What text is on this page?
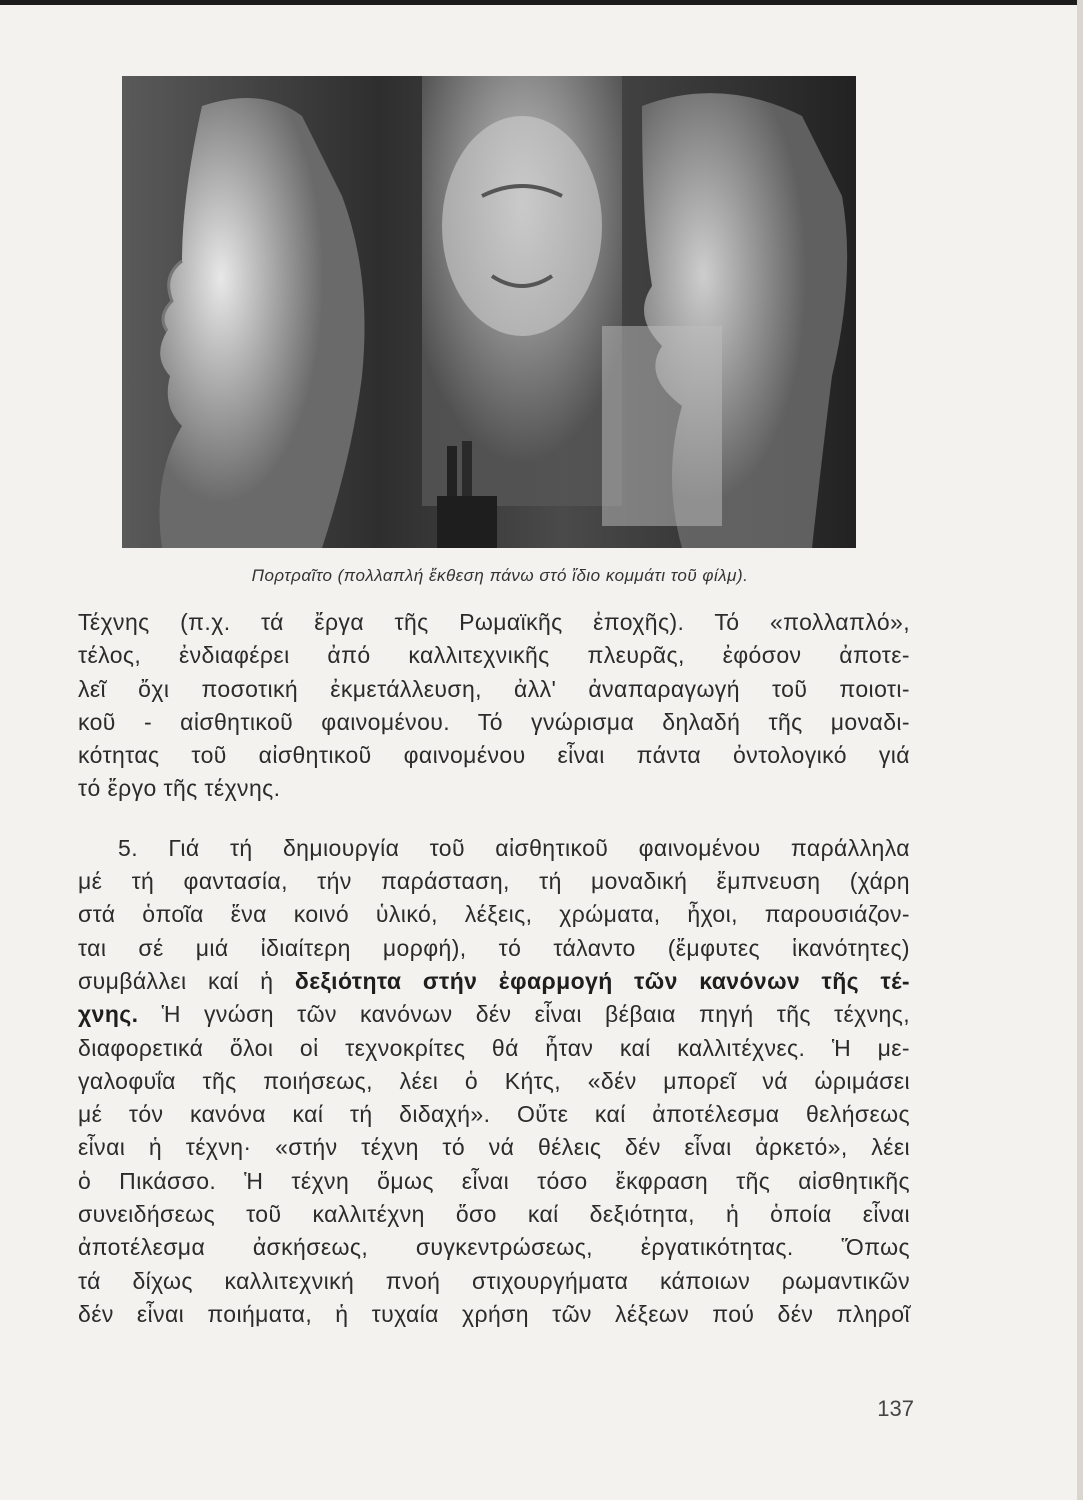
Πορτραῖτο (πολλαπλή ἔκθεση πάνω στό ἴδιο κομμάτι τοῦ φίλμ).
Τέχνης (π.χ. τά ἔργα τῆς Ρωμαϊκῆς ἐποχῆς). Τό «πολλαπλό»,
τέλος, ἐνδιαφέρει ἀπό καλλιτεχνικῆς πλευρᾶς, ἐφόσον ἀποτε-
λεῖ ὄχι ποσοτική ἐκμετάλλευση, ἀλλ' ἀναπαραγωγή τοῦ ποιοτι-
κοῦ - αἰσθητικοῦ φαινομένου. Τό γνώρισμα δηλαδή τῆς μοναδι-
κότητας τοῦ αἰσθητικοῦ φαινομένου εἶναι πάντα ὀντολογικό γιά
τό ἔργο τῆς τέχνης.
5. Γιά τή δημιουργία τοῦ αἰσθητικοῦ φαινομένου παράλληλα
μέ τή φαντασία, τήν παράσταση, τή μοναδική ἔμπνευση (χάρη
στά ὁποῖα ἕνα κοινό ὑλικό, λέξεις, χρώματα, ἦχοι, παρουσιάζον-
ται σέ μιά ἰδιαίτερη μορφή), τό τάλαντο (ἔμφυτες ἱκανότητες)
συμβάλλει καί ἡ δεξιότητα στήν ἐφαρμογή τῶν κανόνων τῆς τέ-
χνης. Ἡ γνώση τῶν κανόνων δέν εἶναι βέβαια πηγή τῆς τέχνης,
διαφορετικά ὅλοι οἱ τεχνοκρίτες θά ἦταν καί καλλιτέχνες. Ἡ με-
γαλοφυΐα τῆς ποιήσεως, λέει ὁ Κήτς, «δέν μπορεῖ νά ὡριμάσει
μέ τόν κανόνα καί τή διδαχή». Οὔτε καί ἀποτέλεσμα θελήσεως
εἶναι ἡ τέχνη· «στήν τέχνη τό νά θέλεις δέν εἶναι ἀρκετό», λέει
ὁ Πικάσσο. Ἡ τέχνη ὅμως εἶναι τόσο ἔκφραση τῆς αἰσθητικῆς
συνειδήσεως τοῦ καλλιτέχνη ὅσο καί δεξιότητα, ἡ ὁποία εἶναι
ἀποτέλεσμα ἀσκήσεως, συγκεντρώσεως, ἐργατικότητας. Ὅπως
τά δίχως καλλιτεχνική πνοή στιχουργήματα κάποιων ρωμαντικῶν
δέν εἶναι ποιήματα, ἡ τυχαία χρήση τῶν λέξεων πού δέν πληροῖ
137
